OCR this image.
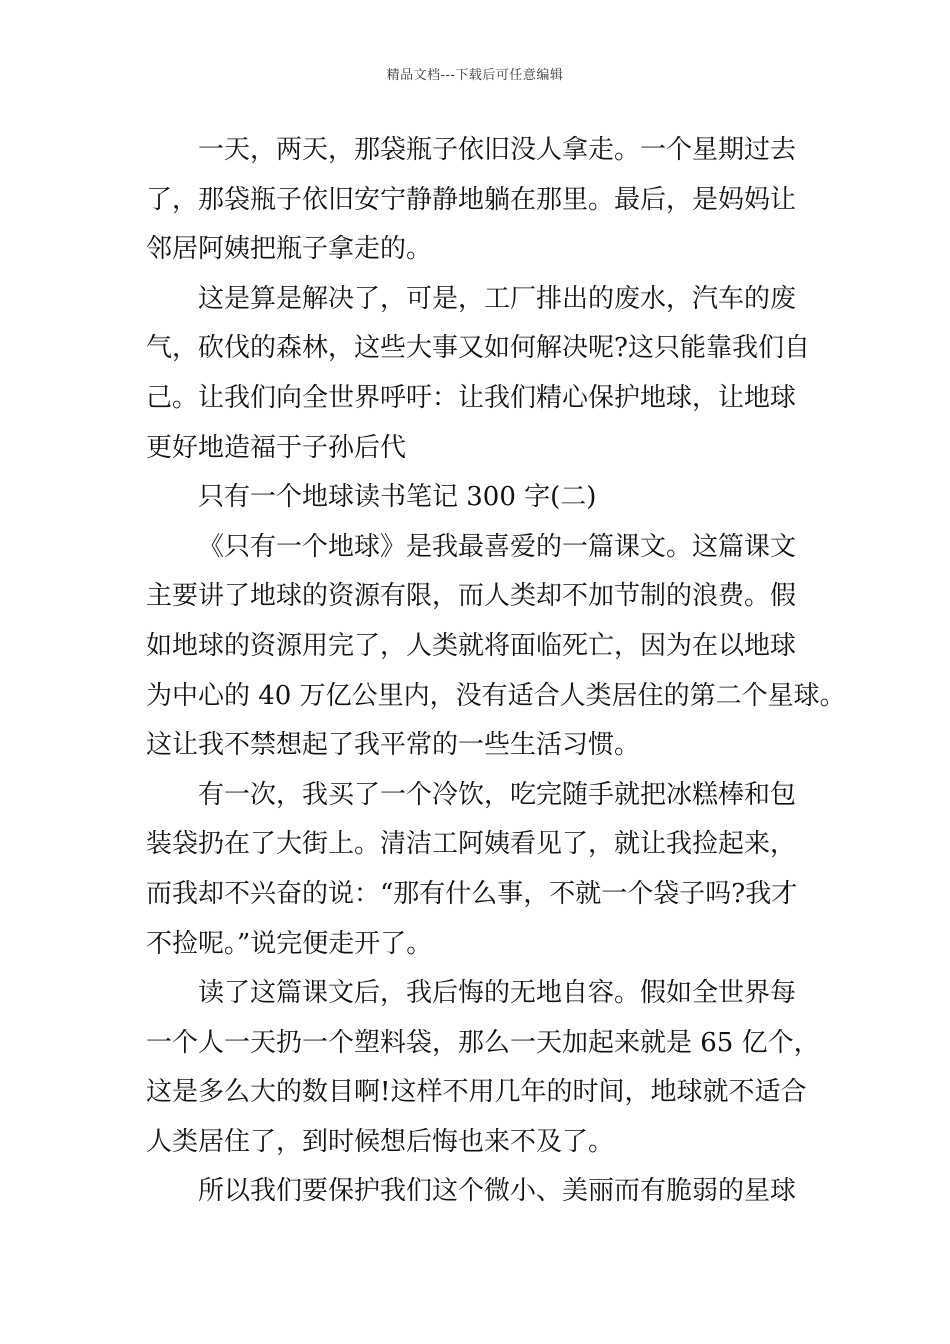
精品文档---下载后可任意编辑
一天，两天，那袋瓶子依旧没人拿走。一个星期过去
了，那袋瓶子依旧安宁静静地躺在那里。最后，是妈妈让
邻居阿姨把瓶子拿走的。
这是算是解决了，可是，工厂排出的废水，汽车的废
气，砍伐的森林，这些大事又如何解决呢?这只能靠我们自
己。让我们向全世界呼吁：让我们精心保护地球，让地球
更好地造福于子孙后代
只有一个地球读书笔记 300 字(二)
《只有一个地球》是我最喜爱的一篇课文。这篇课文
主要讲了地球的资源有限，而人类却不加节制的浪费。假
如地球的资源用完了，人类就将面临死亡，因为在以地球
为中心的 40 万亿公里内，没有适合人类居住的第二个星球。
这让我不禁想起了我平常的一些生活习惯。
有一次，我买了一个冷饮，吃完随手就把冰糕棒和包
装袋扔在了大街上。清洁工阿姨看见了，就让我捡起来，
而我却不兴奋的说：“那有什么事，不就一个袋子吗?我才
不捡呢。”说完便走开了。
读了这篇课文后，我后悔的无地自容。假如全世界每
一个人一天扔一个塑料袋，那么一天加起来就是 65 亿个，
这是多么大的数目啊!这样不用几年的时间，地球就不适合
人类居住了，到时候想后悔也来不及了。
所以我们要保护我们这个微小、美丽而有脆弱的星球
